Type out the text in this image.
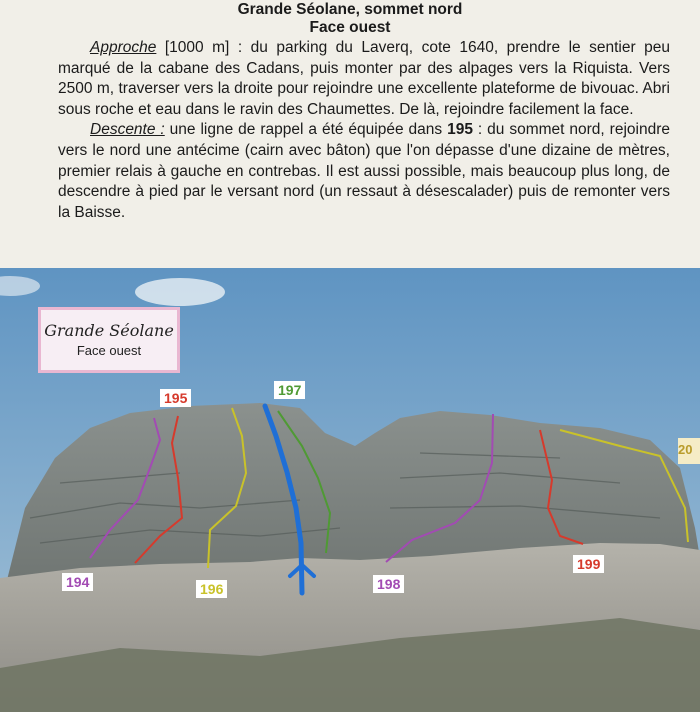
Grande Séolane, sommet nord
Face ouest

Approche [1000 m] : du parking du Laverq, cote 1640, prendre le sentier peu marqué de la cabane des Cadans, puis monter par des alpages vers la Riquista. Vers 2500 m, traverser vers la droite pour rejoindre une excellente plateforme de bivouac. Abri sous roche et eau dans le ravin des Chaumettes. De là, rejoindre facilement la face.

Descente : une ligne de rappel a été équipée dans 195 : du sommet nord, rejoindre vers le nord une antécime (cairn avec bâton) que l'on dépasse d'une dizaine de mètres, premier relais à gauche en contrebas. Il est aussi possible, mais beaucoup plus long, de descendre à pied par le versant nord (un ressaut à désescalader) puis de remonter vers la Baisse.

Grande Séolane
Face ouest
195	197
194	196	198
199
20
